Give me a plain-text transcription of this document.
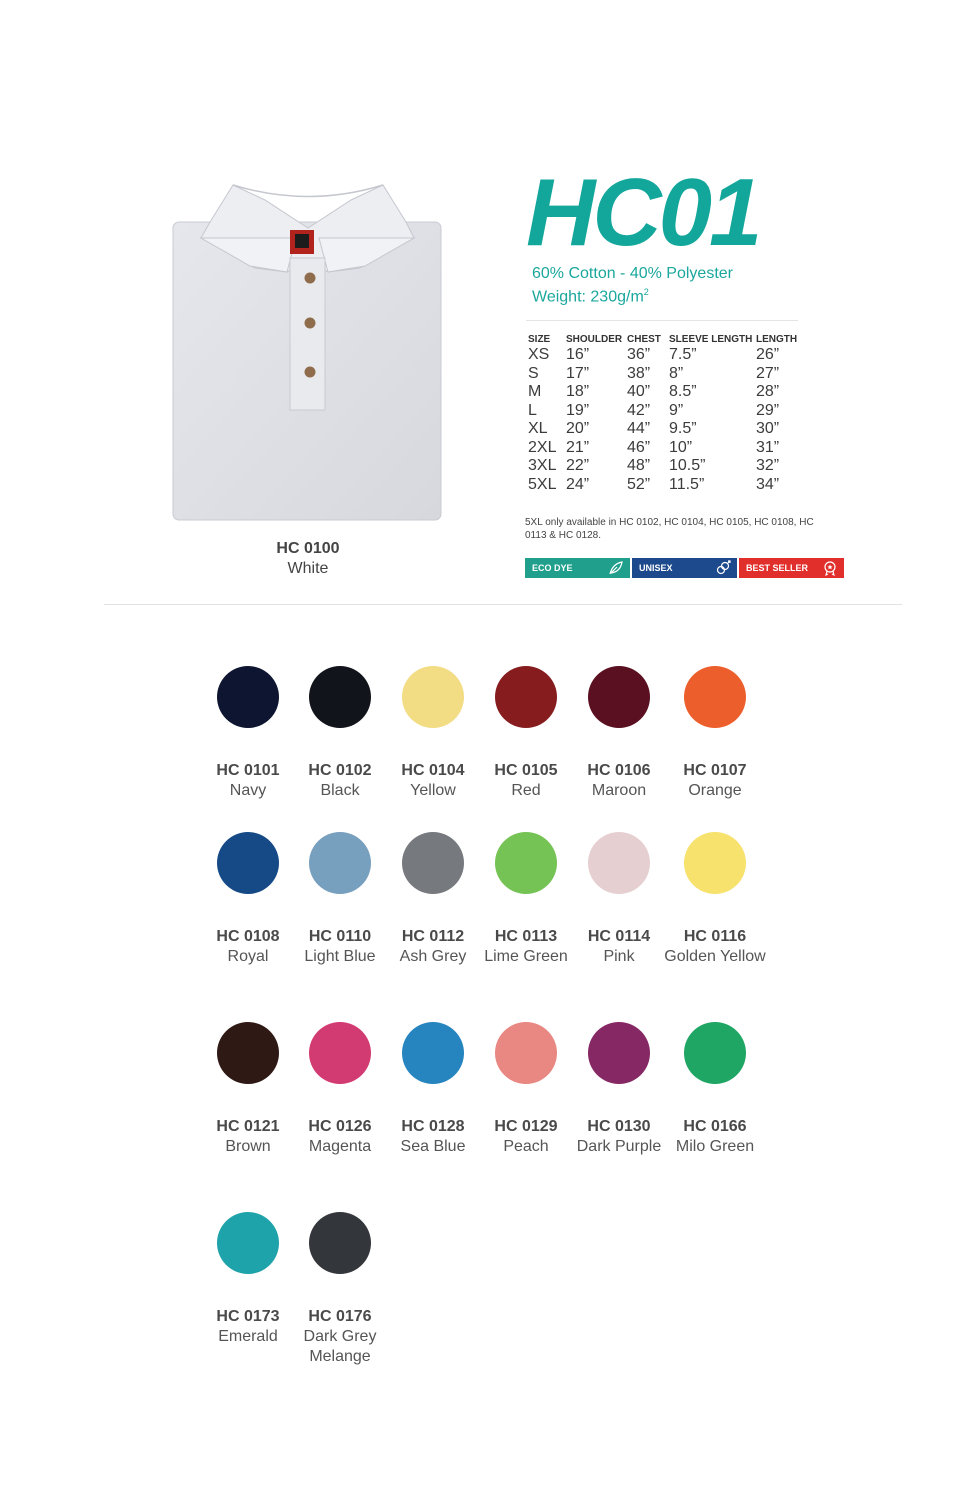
HC 0100
White
HC01
60% Cotton - 40% Polyester
Weight: $230g/m^2$
SIZE	SHOULDER	CHEST	SLEEVE LENGTH	LENGTH
XS	16”	36”	7.5”	26”
S	17”	38”	8”	27”
M	18”	40”	8.5”	28”
L	19”	42”	9”	29”
XL	20”	44”	9.5”	30”
2XL	21”	46”	10”	31”
3XL	22”	48”	10.5”	32”
5XL	24”	52”	11.5”	34”
5XL only available in HC 0102, HC 0104, HC 0105, HC 0108, HC 0113 & HC 0128.
ECO DYE	UNISEX	BEST SELLER
HC 0101
Navy
HC 0102
Black
HC 0104
Yellow
HC 0105
Red
HC 0106
Maroon
HC 0107
Orange
HC 0108
Royal
HC 0110
Light Blue
HC 0112
Ash Grey
HC 0113
Lime Green
HC 0114
Pink
HC 0116
Golden Yellow
HC 0121
Brown
HC 0126
Magenta
HC 0128
Sea Blue
HC 0129
Peach
HC 0130
Dark Purple
HC 0166
Milo Green
HC 0173
Emerald
HC 0176
Dark Grey
Melange
